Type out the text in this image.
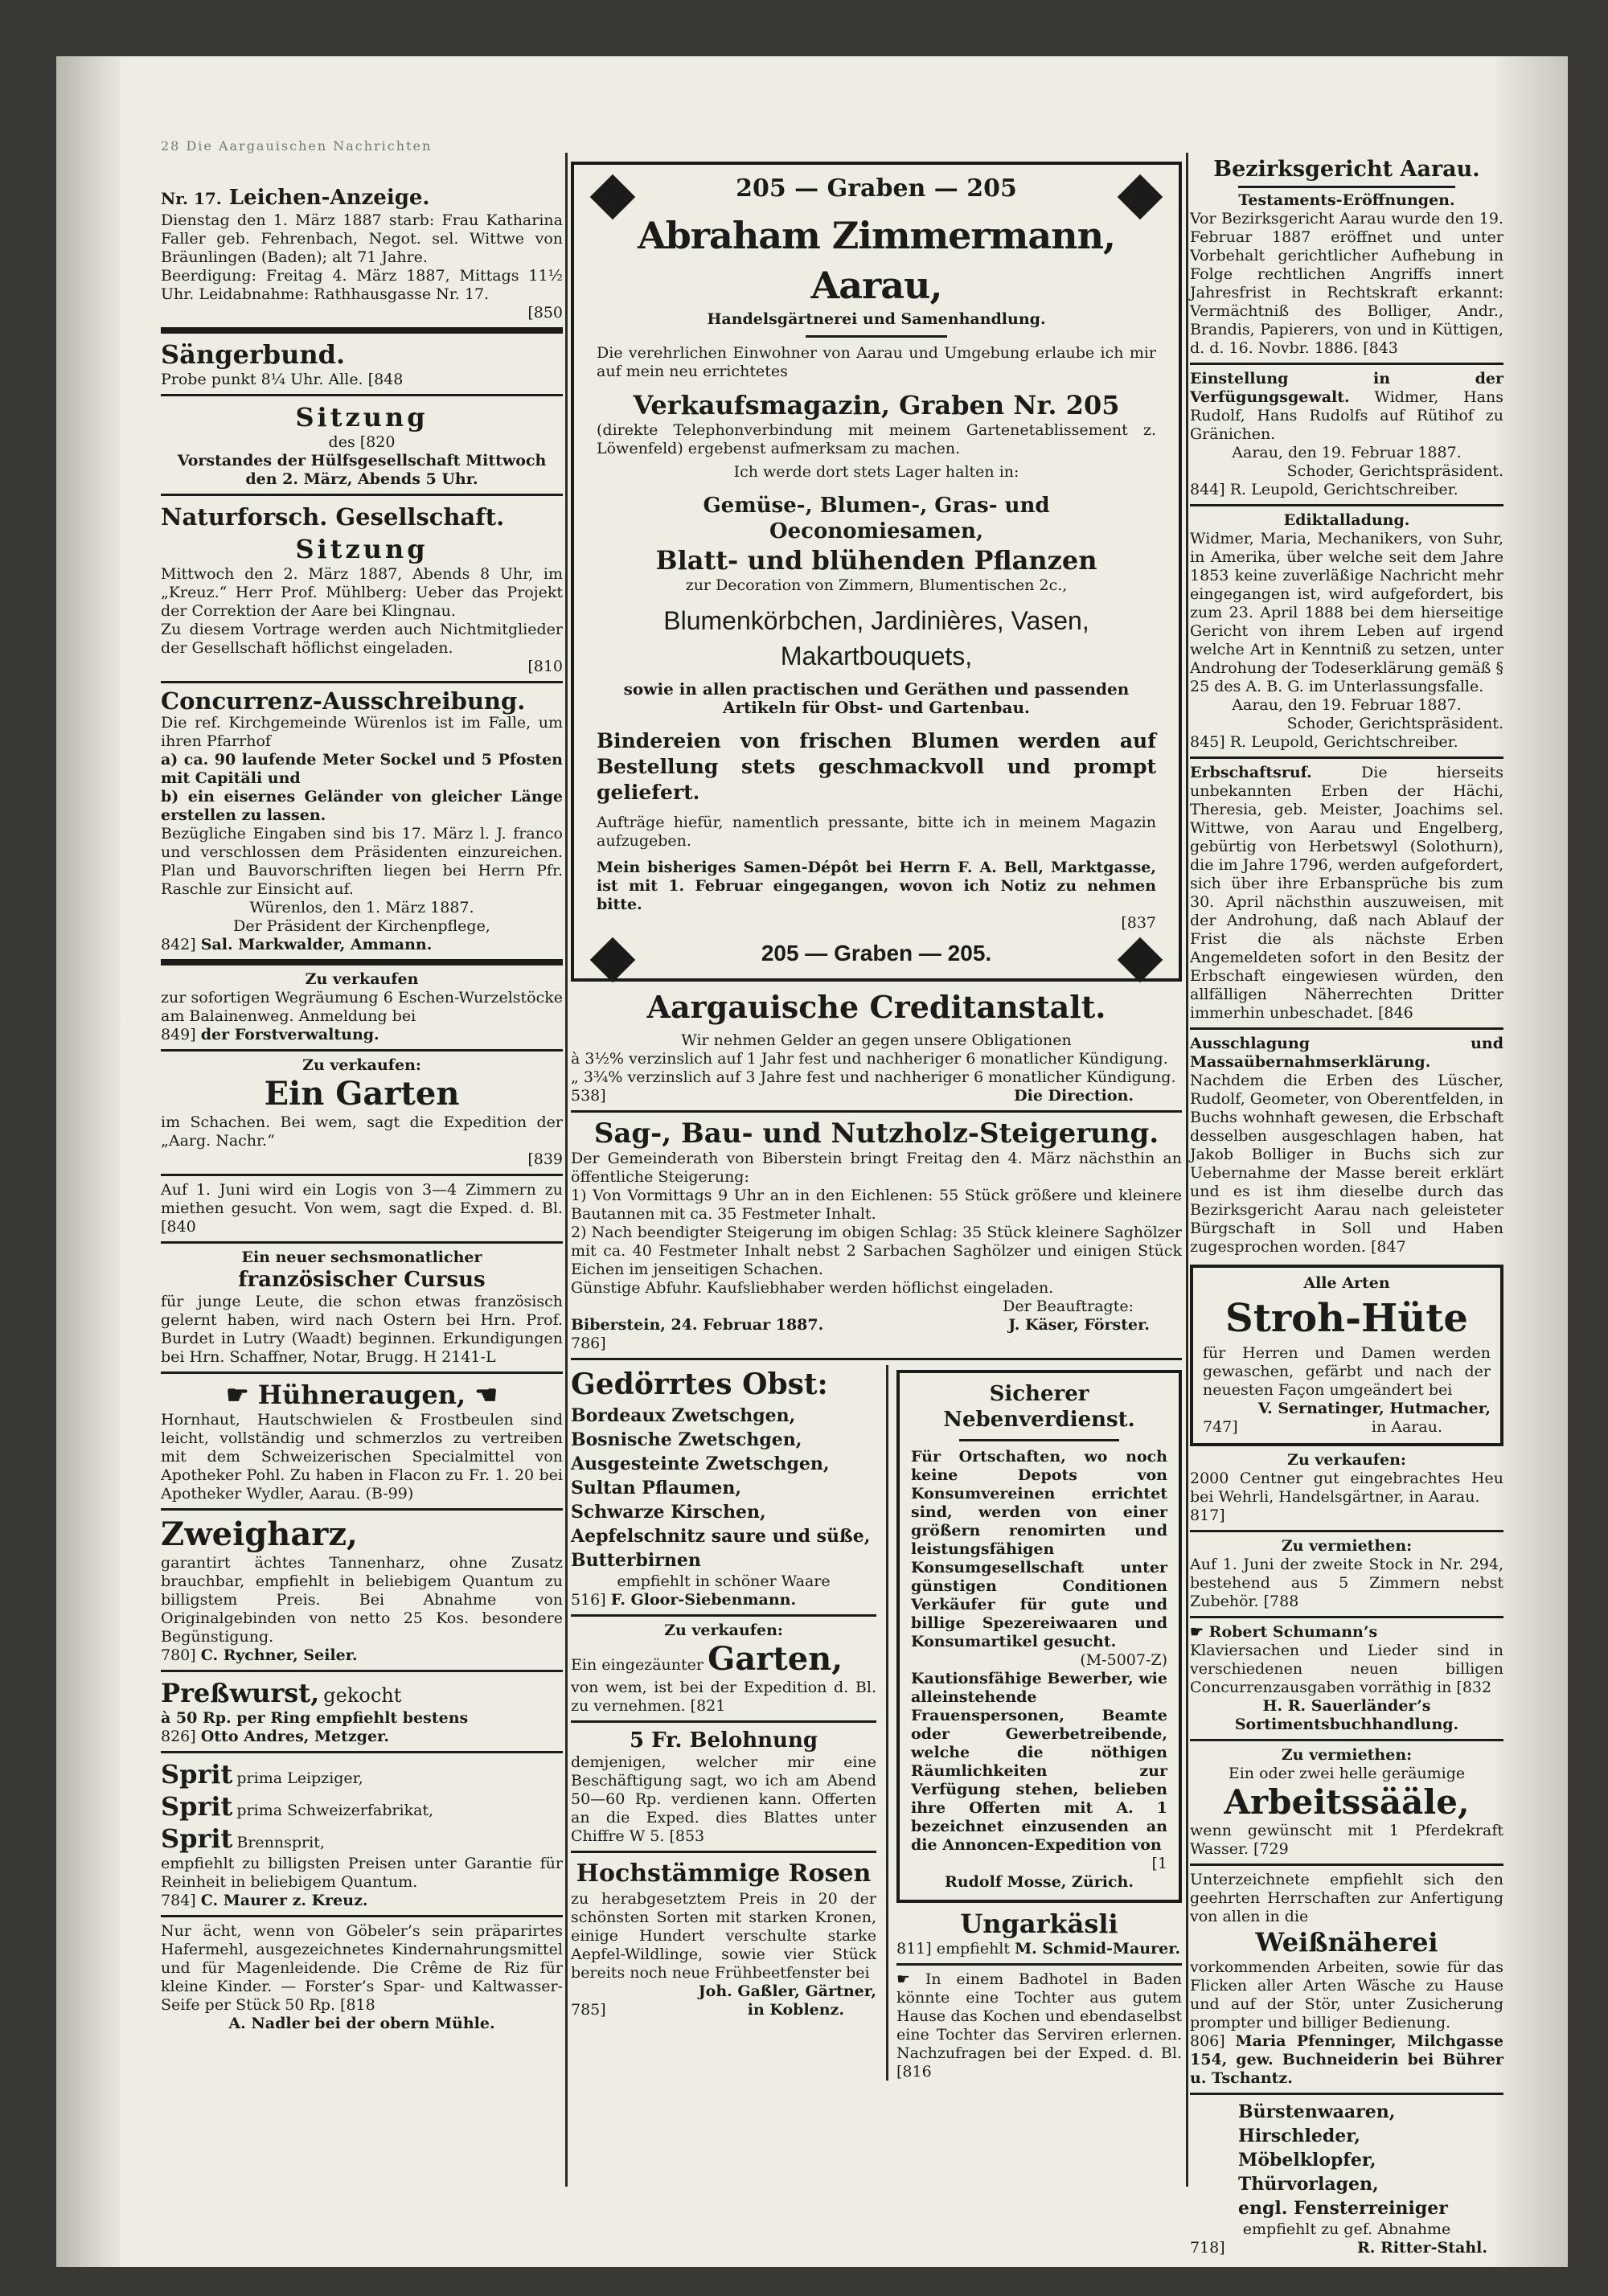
28 Die Aargauischen Nachrichten

Nr. 17. Leichen-Anzeige.

Dienstag den 1. März 1887 starb: Frau Katharina Faller geb. Fehrenbach, Negot. sel. Wittwe von Bräunlingen (Baden); alt 71 Jahre.

Beerdigung: Freitag 4. März 1887, Mittags 11½ Uhr. Leidabnahme: Rathhausgasse Nr. 17.

[850

Sängerbund.

Probe punkt 8¼ Uhr. Alle. [848

Sitzung

des [820

Vorstandes der Hülfsgesellschaft Mittwoch den 2. März, Abends 5 Uhr.

Naturforsch. Gesellschaft.

Sitzung

Mittwoch den 2. März 1887, Abends 8 Uhr, im „Kreuz.“ Herr Prof. Mühlberg: Ueber das Projekt der Correktion der Aare bei Klingnau.

Zu diesem Vortrage werden auch Nichtmitglieder der Gesellschaft höflichst eingeladen.

[810

Concurrenz-Ausschreibung.

Die ref. Kirchgemeinde Würenlos ist im Falle, um ihren Pfarrhof

a) ca. 90 laufende Meter Sockel und 5 Pfosten mit Capitäli und

b) ein eisernes Geländer von gleicher Länge erstellen zu lassen.

Bezügliche Eingaben sind bis 17. März l. J. franco und verschlossen dem Präsidenten einzureichen. Plan und Bauvorschriften liegen bei Herrn Pfr. Raschle zur Einsicht auf.

Würenlos, den 1. März 1887.

Der Präsident der Kirchenpflege,

842] Sal. Markwalder, Ammann.

Zu verkaufen

zur sofortigen Wegräumung 6 Eschen-Wurzelstöcke am Balainenweg. Anmeldung bei

849] der Forstverwaltung.

Zu verkaufen:

Ein Garten

im Schachen. Bei wem, sagt die Expedition der „Aarg. Nachr.“

[839

Auf 1. Juni wird ein Logis von 3—4 Zimmern zu miethen gesucht. Von wem, sagt die Exped. d. Bl. [840

Ein neuer sechsmonatlicher

französischer Cursus

für junge Leute, die schon etwas französisch gelernt haben, wird nach Ostern bei Hrn. Prof. Burdet in Lutry (Waadt) beginnen. Erkundigungen bei Hrn. Schaffner, Notar, Brugg. H 2141-L

☛ Hühneraugen, ☚

Hornhaut, Hautschwielen & Frostbeulen sind leicht, vollständig und schmerzlos zu vertreiben mit dem Schweizerischen Specialmittel von Apotheker Pohl. Zu haben in Flacon zu Fr. 1. 20 bei Apotheker Wydler, Aarau. (B-99)

Zweigharz,

garantirt ächtes Tannenharz, ohne Zusatz brauchbar, empfiehlt in beliebigem Quantum zu billigstem Preis. Bei Abnahme von Originalgebinden von netto 25 Kos. besondere Begünstigung.

780] C. Rychner, Seiler.

Preßwurst, gekocht

à 50 Rp. per Ring empfiehlt bestens

826] Otto Andres, Metzger.

Sprit prima Leipziger,

Sprit prima Schweizerfabrikat,

Sprit Brennsprit,

empfiehlt zu billigsten Preisen unter Garantie für Reinheit in beliebigem Quantum.

784] C. Maurer z. Kreuz.

Nur ächt, wenn von Göbeler’s sein präparirtes Hafermehl, ausgezeichnetes Kindernahrungsmittel und für Magenleidende. Die Crême de Riz für kleine Kinder. — Forster’s Spar- und Kaltwasser-Seife per Stück 50 Rp. [818

A. Nadler bei der obern Mühle.

205 — Graben — 205

Abraham Zimmermann, Aarau,

Handelsgärtnerei und Samenhandlung.

Die verehrlichen Einwohner von Aarau und Umgebung erlaube ich mir auf mein neu errichtetes

Verkaufsmagazin, Graben Nr. 205

(direkte Telephonverbindung mit meinem Gartenetablissement z. Löwenfeld) ergebenst aufmerksam zu machen.

Ich werde dort stets Lager halten in:

Gemüse-, Blumen-, Gras- und Oeconomiesamen,

Blatt- und blühenden Pflanzen

zur Decoration von Zimmern, Blumentischen 2c.,

Blumenkörbchen, Jardinières, Vasen,

Makartbouquets,

sowie in allen practischen und Geräthen und passenden Artikeln für Obst- und Gartenbau.

Bindereien von frischen Blumen werden auf Bestellung stets geschmackvoll und prompt geliefert.

Aufträge hiefür, namentlich pressante, bitte ich in meinem Magazin aufzugeben.

Mein bisheriges Samen-Dépôt bei Herrn F. A. Bell, Marktgasse, ist mit 1. Februar eingegangen, wovon ich Notiz zu nehmen bitte.

[837

205 — Graben — 205.

Aargauische Creditanstalt.

Wir nehmen Gelder an gegen unsere Obligationen

à 3½% verzinslich auf 1 Jahr fest und nachheriger 6 monatlicher Kündigung.

„ 3¾% verzinslich auf 3 Jahre fest und nachheriger 6 monatlicher Kündigung.

538]	Die Direction.

Sag-, Bau- und Nutzholz-Steigerung.

Der Gemeinderath von Biberstein bringt Freitag den 4. März nächsthin an öffentliche Steigerung:

1) Von Vormittags 9 Uhr an in den Eichlenen: 55 Stück größere und kleinere Bautannen mit ca. 35 Festmeter Inhalt.

2) Nach beendigter Steigerung im obigen Schlag: 35 Stück kleinere Saghölzer mit ca. 40 Festmeter Inhalt nebst 2 Sarbachen Saghölzer und einigen Stück Eichen im jenseitigen Schachen.

Günstige Abfuhr. Kaufsliebhaber werden höflichst eingeladen.

Der Beauftragte:

Biberstein, 24. Februar 1887.	J. Käser, Förster.

786]

Gedörrtes Obst:

Bordeaux Zwetschgen,

Bosnische Zwetschgen,

Ausgesteinte Zwetschgen,

Sultan Pflaumen,

Schwarze Kirschen,

Aepfelschnitz saure und süße,

Butterbirnen

empfiehlt in schöner Waare

516] F. Gloor-Siebenmann.

Zu verkaufen:

Ein eingezäunter Garten,

von wem, ist bei der Expedition d. Bl. zu vernehmen. [821

5 Fr. Belohnung

demjenigen, welcher mir eine Beschäftigung sagt, wo ich am Abend 50—60 Rp. verdienen kann. Offerten an die Exped. dies Blattes unter Chiffre W 5. [853

Hochstämmige Rosen

zu herabgesetztem Preis in 20 der schönsten Sorten mit starken Kronen, einige Hundert verschulte starke Aepfel-Wildlinge, sowie vier Stück bereits noch neue Frühbeetfenster bei

Joh. Gaßler, Gärtner,

785]	in Koblenz.

Sicherer

Nebenverdienst.

Für Ortschaften, wo noch keine Depots von Konsumvereinen errichtet sind, werden von einer größern renomirten und leistungsfähigen Konsumgesellschaft unter günstigen Conditionen Verkäufer für gute und billige Spezereiwaaren und Konsumartikel gesucht.

(M-5007-Z)

Kautionsfähige Bewerber, wie alleinstehende Frauenspersonen, Beamte oder Gewerbetreibende, welche die nöthigen Räumlichkeiten zur Verfügung stehen, belieben ihre Offerten mit A. 1 bezeichnet einzusenden an die Annoncen-Expedition von

[1

Rudolf Mosse, Zürich.

Ungarkäsli

811] empfiehlt M. Schmid-Maurer.

☛ In einem Badhotel in Baden könnte eine Tochter aus gutem Hause das Kochen und ebendaselbst eine Tochter das Serviren erlernen. Nachzufragen bei der Exped. d. Bl. [816

Bezirksgericht Aarau.

Testaments-Eröffnungen.

Vor Bezirksgericht Aarau wurde den 19. Februar 1887 eröffnet und unter Vorbehalt gerichtlicher Aufhebung in Folge rechtlichen Angriffs innert Jahresfrist in Rechtskraft erkannt: Vermächtniß des Bolliger, Andr., Brandis, Papierers, von und in Küttigen, d. d. 16. Novbr. 1886. [843

Einstellung in der Verfügungsgewalt. Widmer, Hans Rudolf, Hans Rudolfs auf Rütihof zu Gränichen.

Aarau, den 19. Februar 1887.

Schoder, Gerichtspräsident.

844] R. Leupold, Gerichtschreiber.

Ediktalladung.

Widmer, Maria, Mechanikers, von Suhr, in Amerika, über welche seit dem Jahre 1853 keine zuverläßige Nachricht mehr eingegangen ist, wird aufgefordert, bis zum 23. April 1888 bei dem hierseitige Gericht von ihrem Leben auf irgend welche Art in Kenntniß zu setzen, unter Androhung der Todeserklärung gemäß § 25 des A. B. G. im Unterlassungsfalle.

Aarau, den 19. Februar 1887.

Schoder, Gerichtspräsident.

845] R. Leupold, Gerichtschreiber.

Erbschaftsruf.	Die hierseits unbekannten Erben der Hächi, Theresia, geb. Meister, Joachims sel. Wittwe, von Aarau und Engelberg, gebürtig von Herbetswyl (Solothurn), die im Jahre 1796, werden aufgefordert, sich über ihre Erbansprüche bis zum 30. April nächsthin auszuweisen, mit der Androhung, daß nach Ablauf der Frist die als nächste Erben Angemeldeten sofort in den Besitz der Erbschaft eingewiesen würden, den allfälligen Näherrechten Dritter immerhin unbeschadet. [846

Ausschlagung und Massaübernahmserklärung. Nachdem die Erben des Lüscher, Rudolf, Geometer, von Oberentfelden, in Buchs wohnhaft gewesen, die Erbschaft desselben ausgeschlagen haben, hat Jakob Bolliger in Buchs sich zur Uebernahme der Masse bereit erklärt und es ist ihm dieselbe durch das Bezirksgericht Aarau nach geleisteter Bürgschaft in Soll und Haben zugesprochen worden. [847

Alle Arten

Stroh-Hüte

für Herren und Damen werden gewaschen, gefärbt und nach der neuesten Façon umgeändert bei

V. Sernatinger, Hutmacher,

747]	in Aarau.

Zu verkaufen:

2000 Centner gut eingebrachtes Heu bei Wehrli, Handelsgärtner, in Aarau.

817]

Zu vermiethen:

Auf 1. Juni der zweite Stock in Nr. 294, bestehend aus 5 Zimmern nebst Zubehör. [788

☛ Robert Schumann’s

Klaviersachen und Lieder sind in verschiedenen neuen billigen Concurrenzausgaben vorräthig in [832

H. R. Sauerländer’s Sortimentsbuchhandlung.

Zu vermiethen:

Ein oder zwei helle geräumige

Arbeitssääle,

wenn gewünscht mit 1 Pferdekraft Wasser. [729

Unterzeichnete empfiehlt sich den geehrten Herrschaften zur Anfertigung von allen in die

Weißnäherei

vorkommenden Arbeiten, sowie für das Flicken aller Arten Wäsche zu Hause und auf der Stör, unter Zusicherung prompter und billiger Bedienung.

806] Maria Pfenninger, Milchgasse 154, gew. Buchneiderin bei Bührer u. Tschantz.

Bürstenwaaren,

Hirschleder,

Möbelklopfer,

Thürvorlagen,

engl. Fensterreiniger

empfiehlt zu gef. Abnahme

718]	R. Ritter-Stahl.
